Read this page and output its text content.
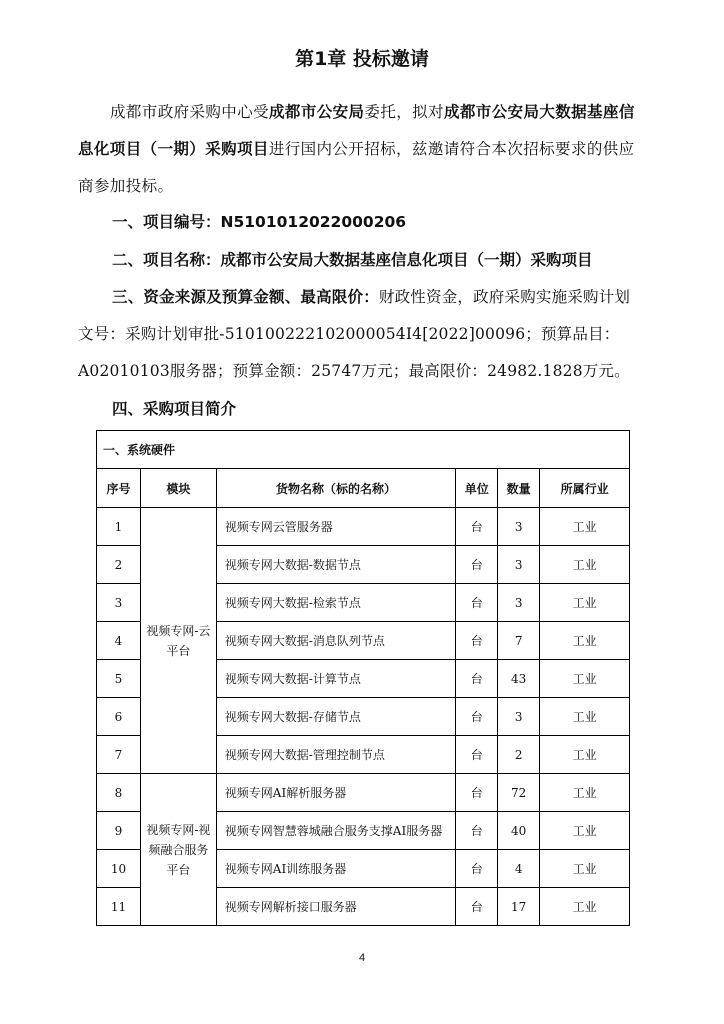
第1章 投标邀请
成都市政府采购中心受成都市公安局委托，拟对成都市公安局大数据基座信息化项目（一期）采购项目进行国内公开招标，兹邀请符合本次招标要求的供应商参加投标。
一、项目编号：N5101012022000206
二、项目名称：成都市公安局大数据基座信息化项目（一期）采购项目
三、资金来源及预算金额、最高限价：财政性资金，政府采购实施采购计划文号：采购计划审批-510100222102000054I4[2022]00096；预算品目：A02010103服务器；预算金额：25747万元；最高限价：24982.1828万元。
四、采购项目简介
一、系统硬件					
序号	模块	货物名称（标的名称）	单位	数量	所属行业
1	视频专网-云平台	视频专网云管服务器	台	3	工业
2		视频专网大数据-数据节点	台	3	工业
3		视频专网大数据-检索节点	台	3	工业
4		视频专网大数据-消息队列节点	台	7	工业
5		视频专网大数据-计算节点	台	43	工业
6		视频专网大数据-存储节点	台	3	工业
7		视频专网大数据-管理控制节点	台	2	工业
8	视频专网-视频融合服务平台	视频专网AI解析服务器	台	72	工业
9		视频专网智慧蓉城融合服务支撑AI服务器	台	40	工业
10		视频专网AI训练服务器	台	4	工业
11		视频专网解析接口服务器	台	17	工业
4
